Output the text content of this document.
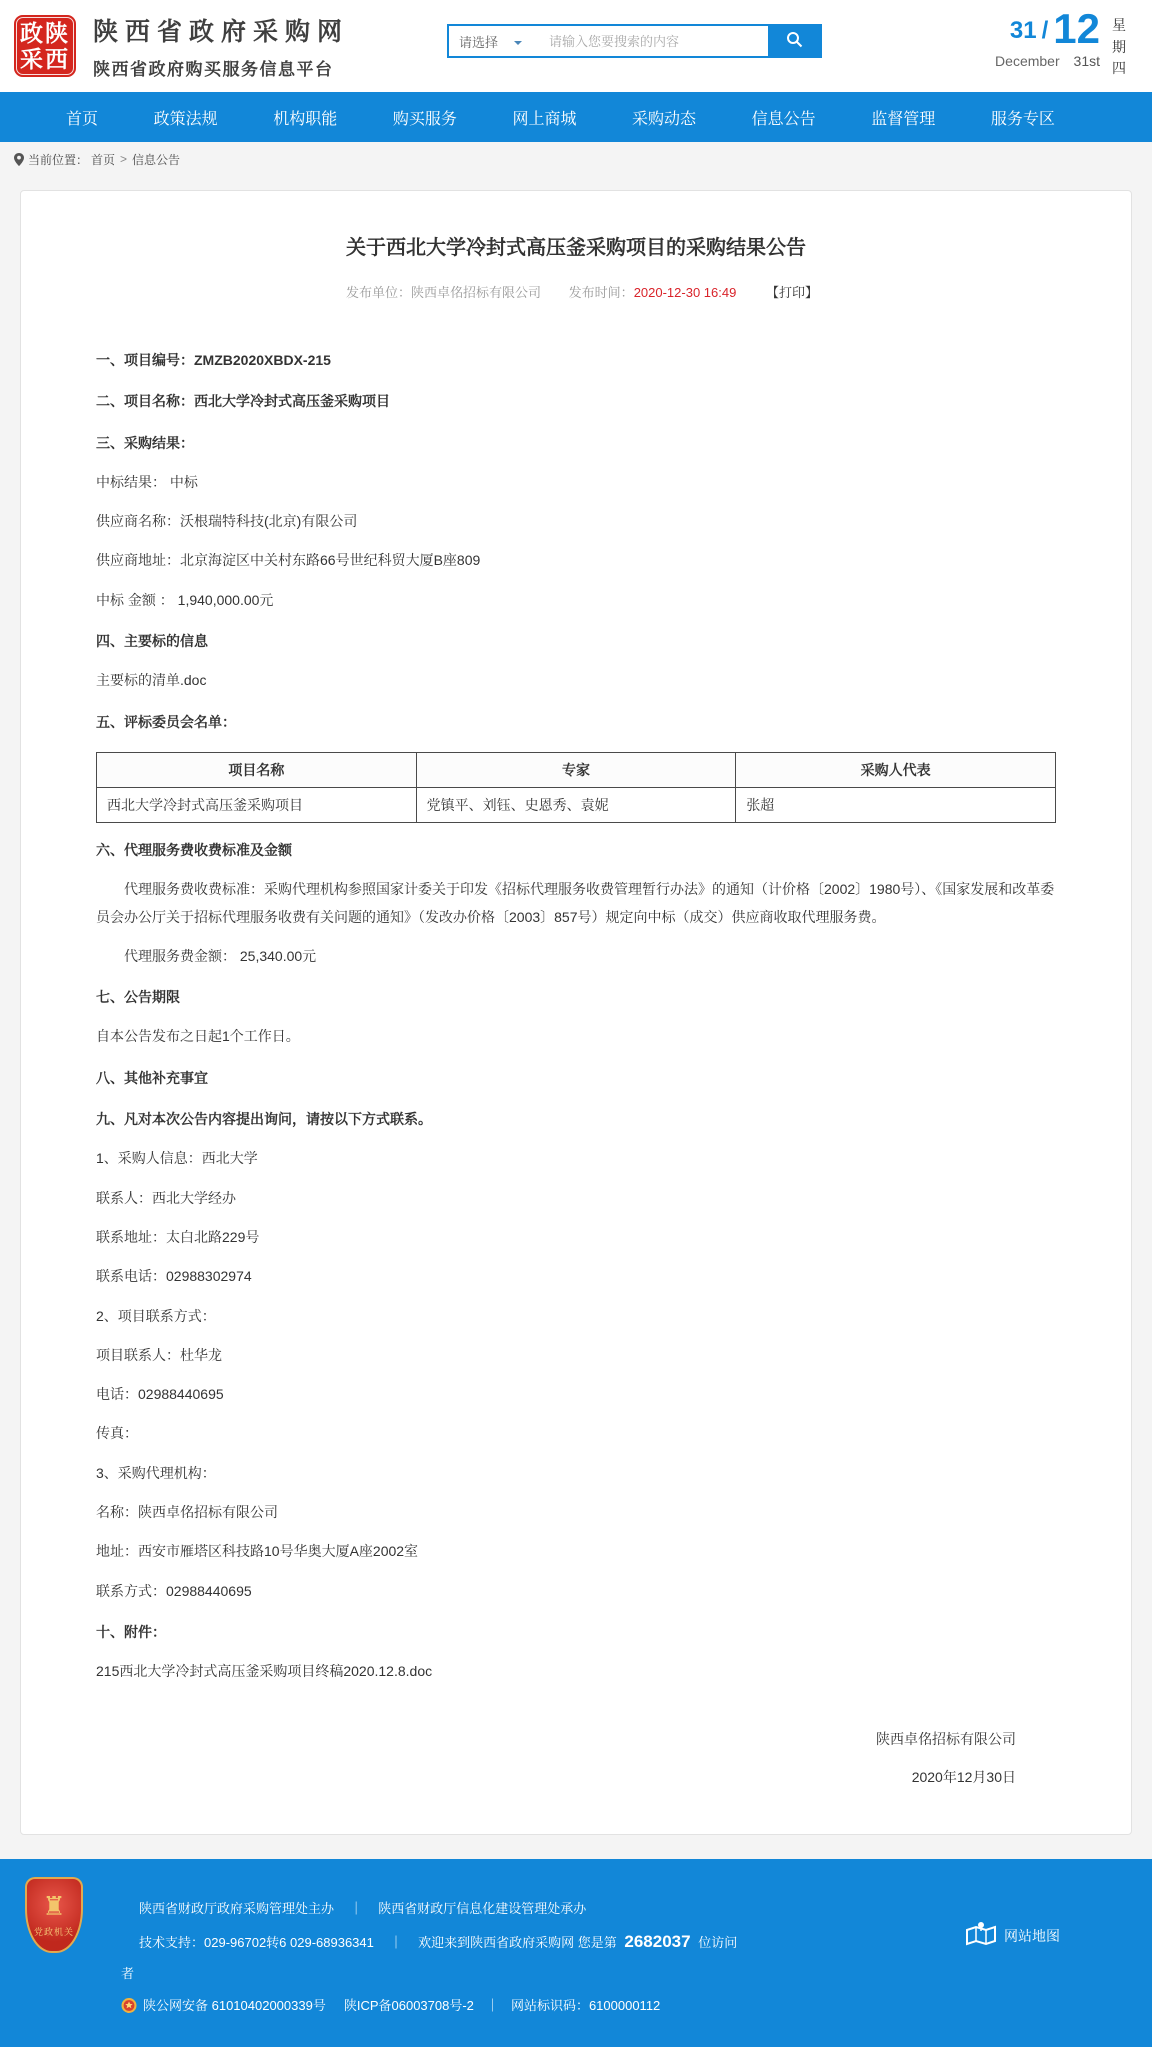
政陕
采西
陕西省政府采购网
陕西省政府购买服务信息平台
请选择
请输入您要搜索的内容	31 / 12
December 31st
星
期
四
首页	政策法规	机构职能	购买服务	网上商城	采购动态	信息公告	监督管理	服务专区
当前位置： 首页 > 信息公告
关于西北大学冷封式高压釜采购项目的采购结果公告
发布单位：陕西卓佲招标有限公司 发布时间：2020-12-30 16:49 【打印】

一、项目编号：ZMZB2020XBDX-215

二、项目名称：西北大学冷封式高压釜采购项目

三、采购结果：

中标结果： 中标

供应商名称：沃根瑞特科技(北京)有限公司

供应商地址：北京海淀区中关村东路66号世纪科贸大厦B座809

中标 金额 ： 1,940,000.00元

四、主要标的信息

主要标的清单.doc

五、评标委员会名单：

项目名称	专家	采购人代表
西北大学冷封式高压釜采购项目	党镇平、刘钰、史恩秀、袁妮	张超

六、代理服务费收费标准及金额

代理服务费收费标准：采购代理机构参照国家计委关于印发《招标代理服务收费管理暂行办法》的通知（计价格〔2002〕1980号）、《国家发展和改革委员会办公厅关于招标代理服务收费有关问题的通知》（发改办价格〔2003〕857号）规定向中标（成交）供应商收取代理服务费。

代理服务费金额： 25,340.00元

七、公告期限

自本公告发布之日起1个工作日。

八、其他补充事宜

九、凡对本次公告内容提出询问，请按以下方式联系。

1、采购人信息：西北大学

联系人：西北大学经办

联系地址：太白北路229号

联系电话：02988302974

2、项目联系方式：

项目联系人：杜华龙

电话：02988440695

传真：

3、采购代理机构：

名称：陕西卓佲招标有限公司

地址：西安市雁塔区科技路10号华奥大厦A座2002室

联系方式：02988440695

十、附件：

215西北大学冷封式高压釜采购项目终稿2020.12.8.doc

陕西卓佲招标有限公司
2020年12月30日
♜
党政机关
陕西省财政厅政府采购管理处主办 ｜ 陕西省财政厅信息化建设管理处承办
技术支持：029-96702转6 029-68936341 ｜ 欢迎来到陕西省政府采购网 您是第 2682037 位访问
者
陕公网安备 61010402000339号 陕ICP备06003708号-2 ｜ 网站标识码：6100000112
网站地图
